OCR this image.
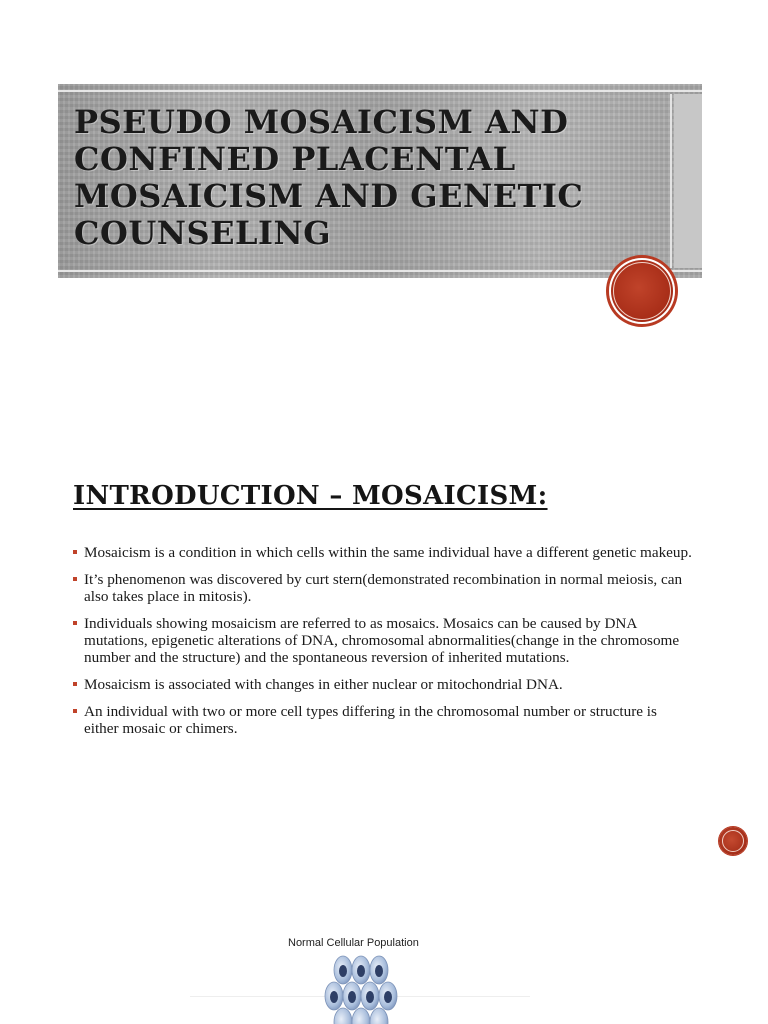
PSEUDO MOSAICISM AND CONFINED PLACENTAL MOSAICISM AND GENETIC COUNSELING
INTRODUCTION – MOSAICISM:
Mosaicism is a condition in which cells within the same individual have a different genetic makeup.
It’s phenomenon was discovered by curt stern(demonstrated recombination in normal meiosis, can also takes place in mitosis).
Individuals showing mosaicism are referred to as mosaics. Mosaics can be caused by DNA mutations, epigenetic alterations of DNA, chromosomal abnormalities(change in the chromosome number and the structure) and the spontaneous reversion of inherited mutations.
Mosaicism is associated with changes in either nuclear or mitochondrial DNA.
An individual with two or more cell types differing in the chromosomal number or structure is either mosaic or chimers.
Normal Cellular Population
